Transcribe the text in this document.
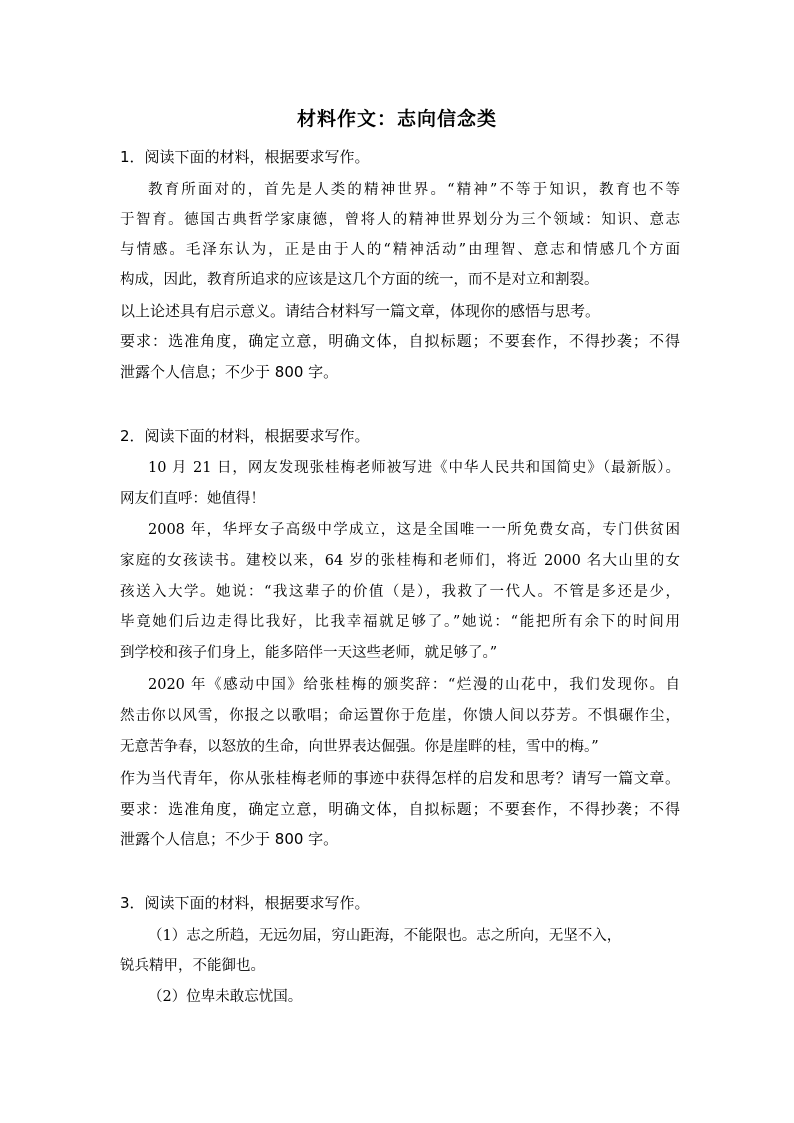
材料作文：志向信念类
1．阅读下面的材料，根据要求写作。
教育所面对的，首先是人类的精神世界。“精神”不等于知识，教育也不等
于智育。德国古典哲学家康德，曾将人的精神世界划分为三个领域：知识、意志
与情感。毛泽东认为，正是由于人的“精神活动”由理智、意志和情感几个方面
构成，因此，教育所追求的应该是这几个方面的统一，而不是对立和割裂。
以上论述具有启示意义。请结合材料写一篇文章，体现你的感悟与思考。
要求：选准角度，确定立意，明确文体，自拟标题；不要套作，不得抄袭；不得
泄露个人信息；不少于 800 字。
2．阅读下面的材料，根据要求写作。
10 月 21 日，网友发现张桂梅老师被写进《中华人民共和国简史》（最新版）。
网友们直呼：她值得！
2008 年，华坪女子高级中学成立，这是全国唯一一所免费女高，专门供贫困
家庭的女孩读书。建校以来，64 岁的张桂梅和老师们，将近 2000 名大山里的女
孩送入大学。她说：“我这辈子的价值（是），我救了一代人。不管是多还是少，
毕竟她们后边走得比我好，比我幸福就足够了。”她说：“能把所有余下的时间用
到学校和孩子们身上，能多陪伴一天这些老师，就足够了。”
2020 年《感动中国》给张桂梅的颁奖辞：“烂漫的山花中，我们发现你。自
然击你以风雪，你报之以歌唱；命运置你于危崖，你馈人间以芬芳。不惧碾作尘，
无意苦争春，以怒放的生命，向世界表达倔强。你是崖畔的桂，雪中的梅。”
作为当代青年，你从张桂梅老师的事迹中获得怎样的启发和思考？请写一篇文章。
要求：选准角度，确定立意，明确文体，自拟标题；不要套作，不得抄袭；不得
泄露个人信息；不少于 800 字。
3．阅读下面的材料，根据要求写作。
（1）志之所趋，无远勿届，穷山距海，不能限也。志之所向，无坚不入，
锐兵精甲，不能御也。
（2）位卑未敢忘忧国。
